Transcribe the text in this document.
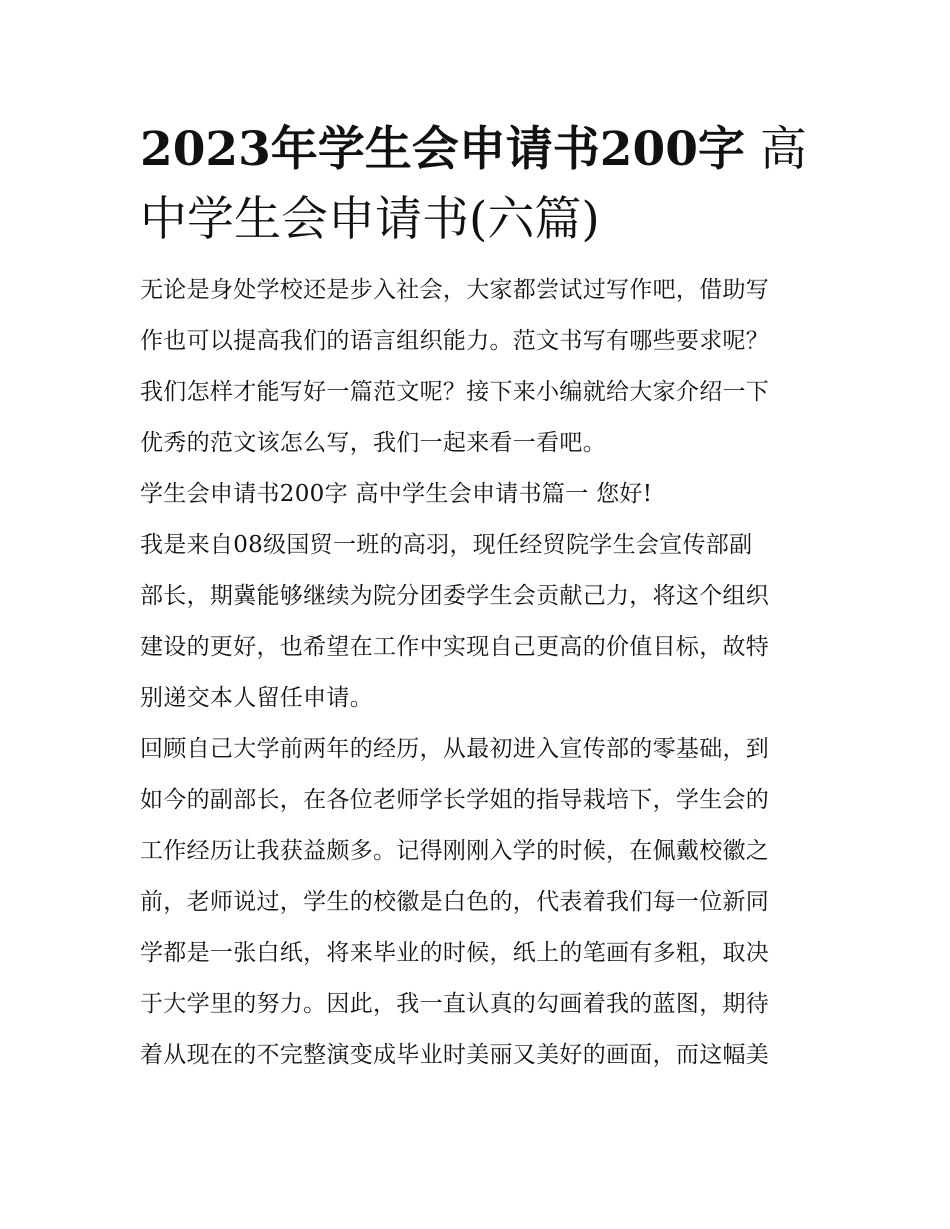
2023年学生会申请书200字 高
中学生会申请书(六篇)

无论是身处学校还是步入社会，大家都尝试过写作吧，借助写
作也可以提高我们的语言组织能力。范文书写有哪些要求呢？
我们怎样才能写好一篇范文呢？接下来小编就给大家介绍一下
优秀的范文该怎么写，我们一起来看一看吧。

学生会申请书200字 高中学生会申请书篇一 您好!

我是来自08级国贸一班的高羽，现任经贸院学生会宣传部副
部长，期冀能够继续为院分团委学生会贡献己力，将这个组织
建设的更好，也希望在工作中实现自己更高的价值目标，故特
别递交本人留任申请。

回顾自己大学前两年的经历，从最初进入宣传部的零基础，到
如今的副部长，在各位老师学长学姐的指导栽培下，学生会的
工作经历让我获益颇多。记得刚刚入学的时候，在佩戴校徽之
前，老师说过，学生的校徽是白色的，代表着我们每一位新同
学都是一张白纸，将来毕业的时候，纸上的笔画有多粗，取决
于大学里的努力。因此，我一直认真的勾画着我的蓝图，期待
着从现在的不完整演变成毕业时美丽又美好的画面，而这幅美
